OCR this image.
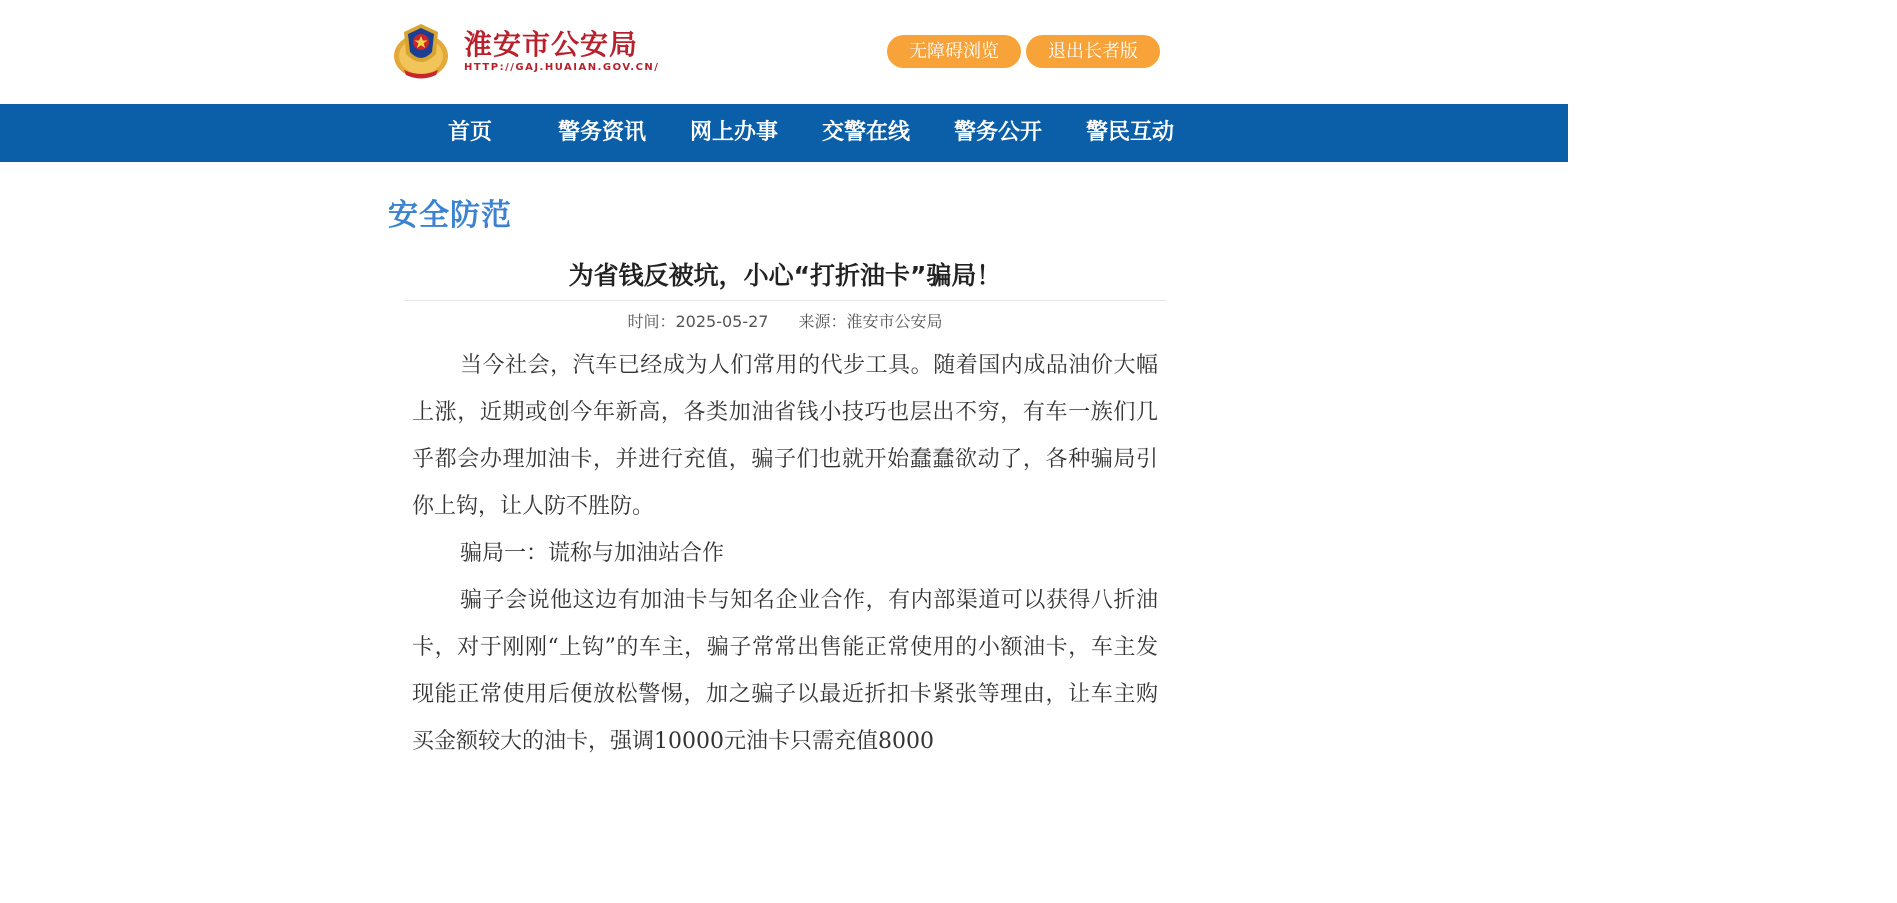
淮安市公安局
HTTP://GAJ.HUAIAN.GOV.CN/
无障碍浏览	退出长者版
首页	警务资讯	网上办事	交警在线	警务公开	警民互动
安全防范
为省钱反被坑，小心“打折油卡”骗局！
时间：2025-05-27 来源：淮安市公安局

当今社会，汽车已经成为人们常用的代步工具。随着国内成品油价大幅上涨，近期或创今年新高，各类加油省钱小技巧也层出不穷，有车一族们几乎都会办理加油卡，并进行充值，骗子们也就开始蠢蠢欲动了，各种骗局引你上钩，让人防不胜防。

骗局一：谎称与加油站合作

骗子会说他这边有加油卡与知名企业合作，有内部渠道可以获得八折油卡，对于刚刚“上钩”的车主，骗子常常出售能正常使用的小额油卡，车主发现能正常使用后便放松警惕，加之骗子以最近折扣卡紧张等理由，让车主购买金额较大的油卡，强调10000元油卡只需充值8000
